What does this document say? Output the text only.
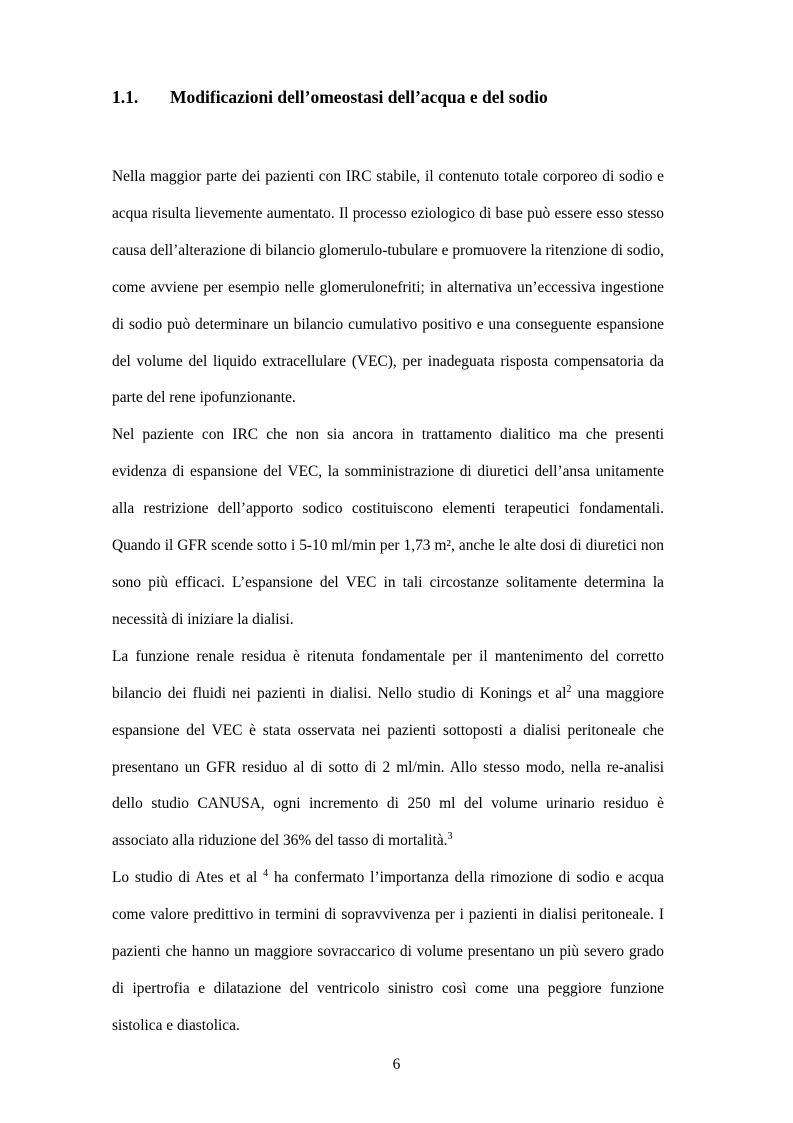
1.1. Modificazioni dell’omeostasi dell’acqua e del sodio

Nella maggior parte dei pazienti con IRC stabile, il contenuto totale corporeo di sodio e acqua risulta lievemente aumentato. Il processo eziologico di base può essere esso stesso causa dell’alterazione di bilancio glomerulo-tubulare e promuovere la ritenzione di sodio, come avviene per esempio nelle glomerulonefriti; in alternativa un’eccessiva ingestione di sodio può determinare un bilancio cumulativo positivo e una conseguente espansione del volume del liquido extracellulare (VEC), per inadeguata risposta compensatoria da parte del rene ipofunzionante.

Nel paziente con IRC che non sia ancora in trattamento dialitico ma che presenti evidenza di espansione del VEC, la somministrazione di diuretici dell’ansa unitamente alla restrizione dell’apporto sodico costituiscono elementi terapeutici fondamentali. Quando il GFR scende sotto i 5-10 ml/min per 1,73 m², anche le alte dosi di diuretici non sono più efficaci. L’espansione del VEC in tali circostanze solitamente determina la necessità di iniziare la dialisi.

La funzione renale residua è ritenuta fondamentale per il mantenimento del corretto bilancio dei fluidi nei pazienti in dialisi. Nello studio di Konings et $al^2$ una maggiore espansione del VEC è stata osservata nei pazienti sottoposti a dialisi peritoneale che presentano un GFR residuo al di sotto di 2 ml/min. Allo stesso modo, nella re-analisi dello studio CANUSA, ogni incremento di 250 ml del volume urinario residuo è associato alla riduzione del 36% del tasso di mortalità.$^3$

Lo studio di Ates et al $^4$ ha confermato l’importanza della rimozione di sodio e acqua come valore predittivo in termini di sopravvivenza per i pazienti in dialisi peritoneale. I pazienti che hanno un maggiore sovraccarico di volume presentano un più severo grado di ipertrofia e dilatazione del ventricolo sinistro così come una peggiore funzione sistolica e diastolica.

6
